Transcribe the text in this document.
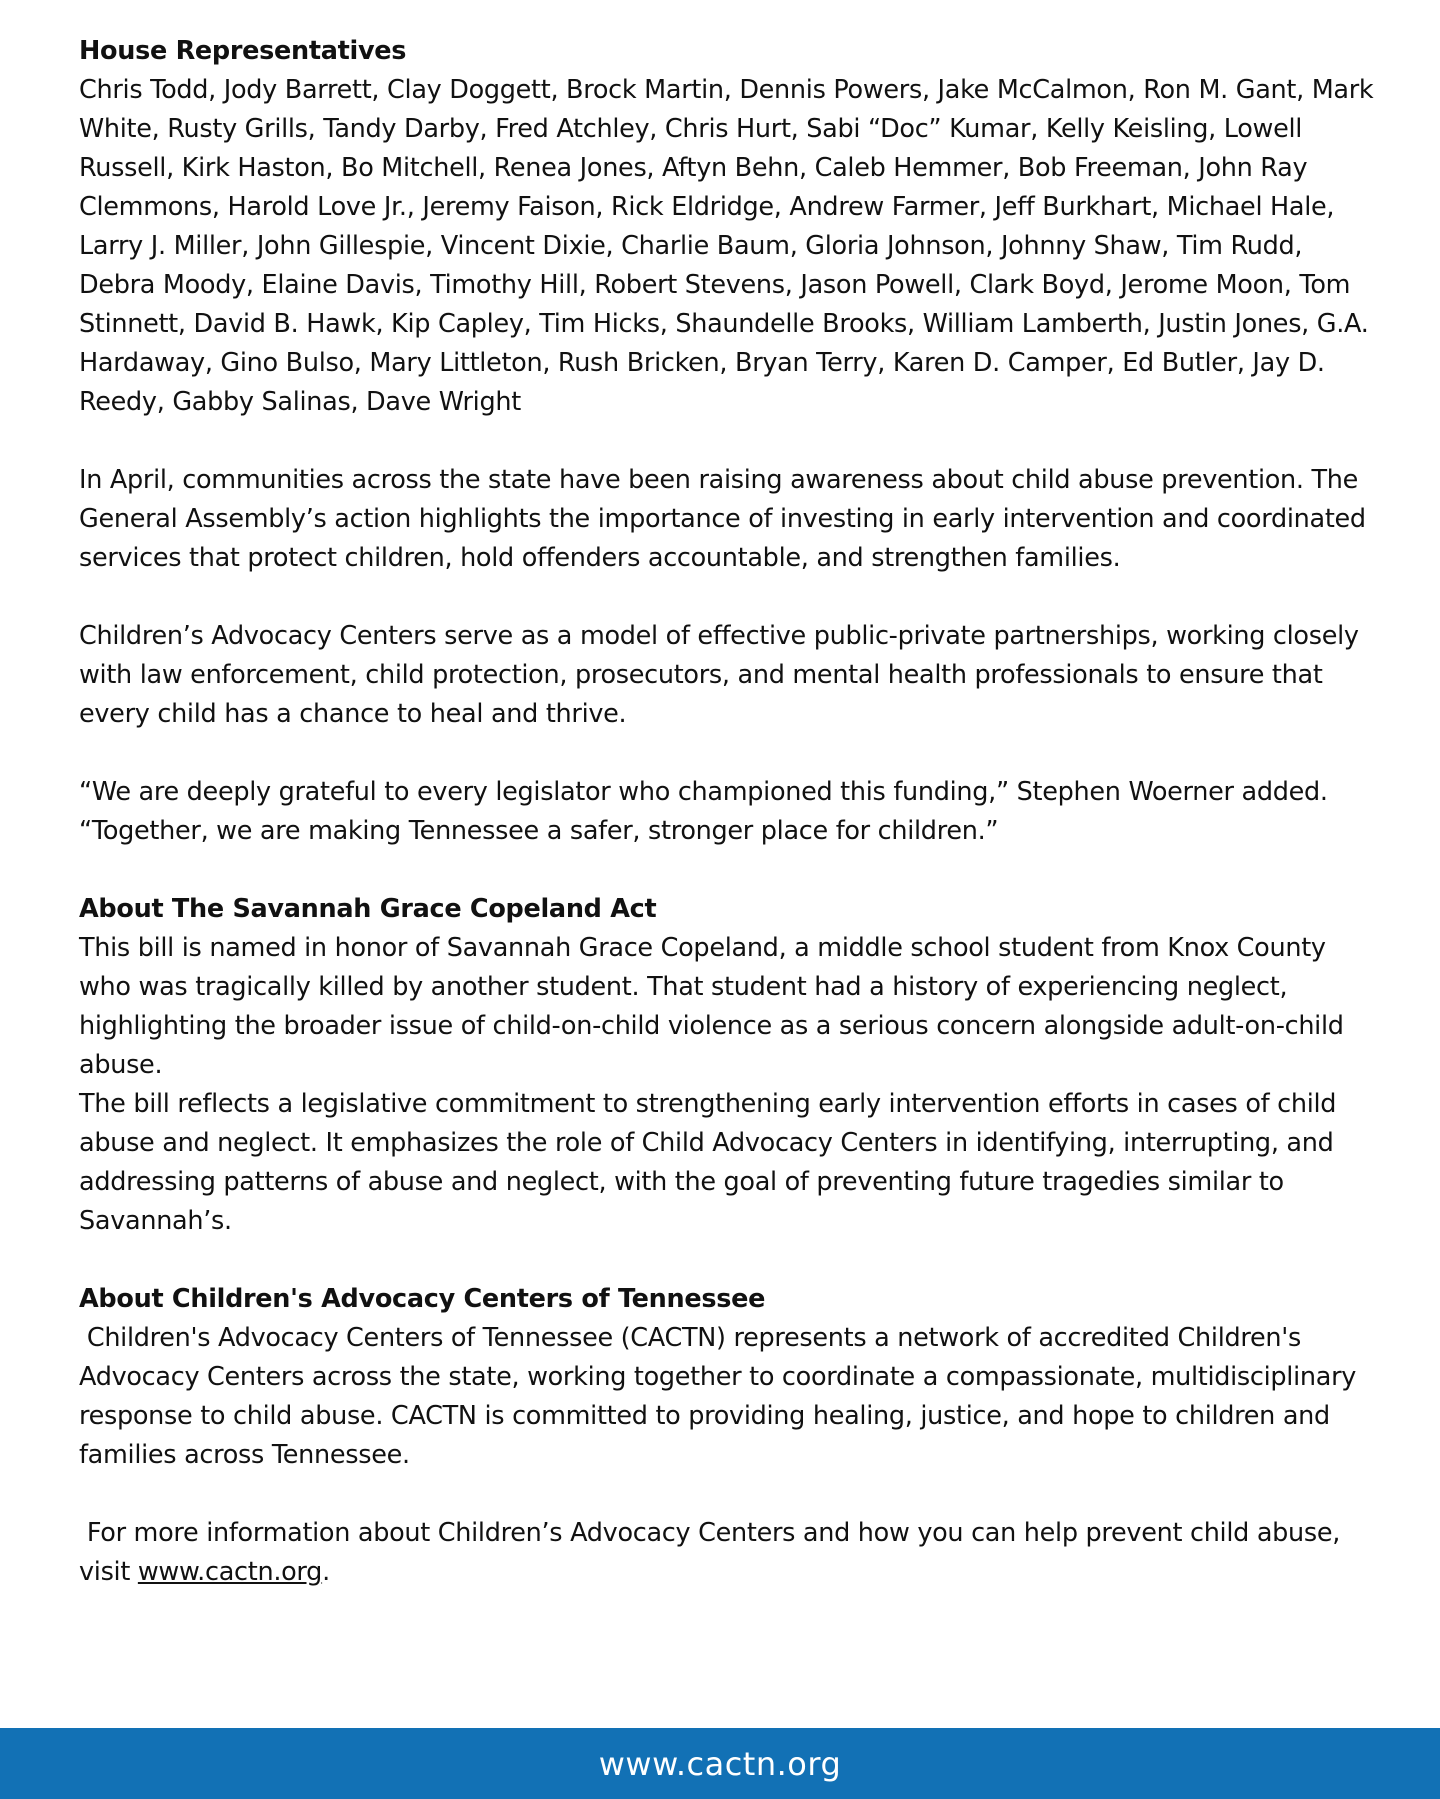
House Representatives

Chris Todd, Jody Barrett, Clay Doggett, Brock Martin, Dennis Powers, Jake McCalmon, Ron M. Gant, Mark White, Rusty Grills, Tandy Darby, Fred Atchley, Chris Hurt, Sabi “Doc” Kumar, Kelly Keisling, Lowell Russell, Kirk Haston, Bo Mitchell, Renea Jones, Aftyn Behn, Caleb Hemmer, Bob Freeman, John Ray Clemmons, Harold Love Jr., Jeremy Faison, Rick Eldridge, Andrew Farmer, Jeff Burkhart, Michael Hale, Larry J. Miller, John Gillespie, Vincent Dixie, Charlie Baum, Gloria Johnson, Johnny Shaw, Tim Rudd, Debra Moody, Elaine Davis, Timothy Hill, Robert Stevens, Jason Powell, Clark Boyd, Jerome Moon, Tom Stinnett, David B. Hawk, Kip Capley, Tim Hicks, Shaundelle Brooks, William Lamberth, Justin Jones, G.A. Hardaway, Gino Bulso, Mary Littleton, Rush Bricken, Bryan Terry, Karen D. Camper, Ed Butler, Jay D. Reedy, Gabby Salinas, Dave Wright

In April, communities across the state have been raising awareness about child abuse prevention. The General Assembly’s action highlights the importance of investing in early intervention and coordinated services that protect children, hold offenders accountable, and strengthen families.

Children’s Advocacy Centers serve as a model of effective public-private partnerships, working closely with law enforcement, child protection, prosecutors, and mental health professionals to ensure that every child has a chance to heal and thrive.

“We are deeply grateful to every legislator who championed this funding,” Stephen Woerner added. “Together, we are making Tennessee a safer, stronger place for children.”

About The Savannah Grace Copeland Act

This bill is named in honor of Savannah Grace Copeland, a middle school student from Knox County who was tragically killed by another student. That student had a history of experiencing neglect, highlighting the broader issue of child-on-child violence as a serious concern alongside adult-on-child abuse.

The bill reflects a legislative commitment to strengthening early intervention efforts in cases of child abuse and neglect. It emphasizes the role of Child Advocacy Centers in identifying, interrupting, and addressing patterns of abuse and neglect, with the goal of preventing future tragedies similar to Savannah’s.

About Children's Advocacy Centers of Tennessee

Children's Advocacy Centers of Tennessee (CACTN) represents a network of accredited Children's Advocacy Centers across the state, working together to coordinate a compassionate, multidisciplinary response to child abuse. CACTN is committed to providing healing, justice, and hope to children and families across Tennessee.

For more information about Children’s Advocacy Centers and how you can help prevent child abuse, visit www.cactn.org.

www.cactn.org
